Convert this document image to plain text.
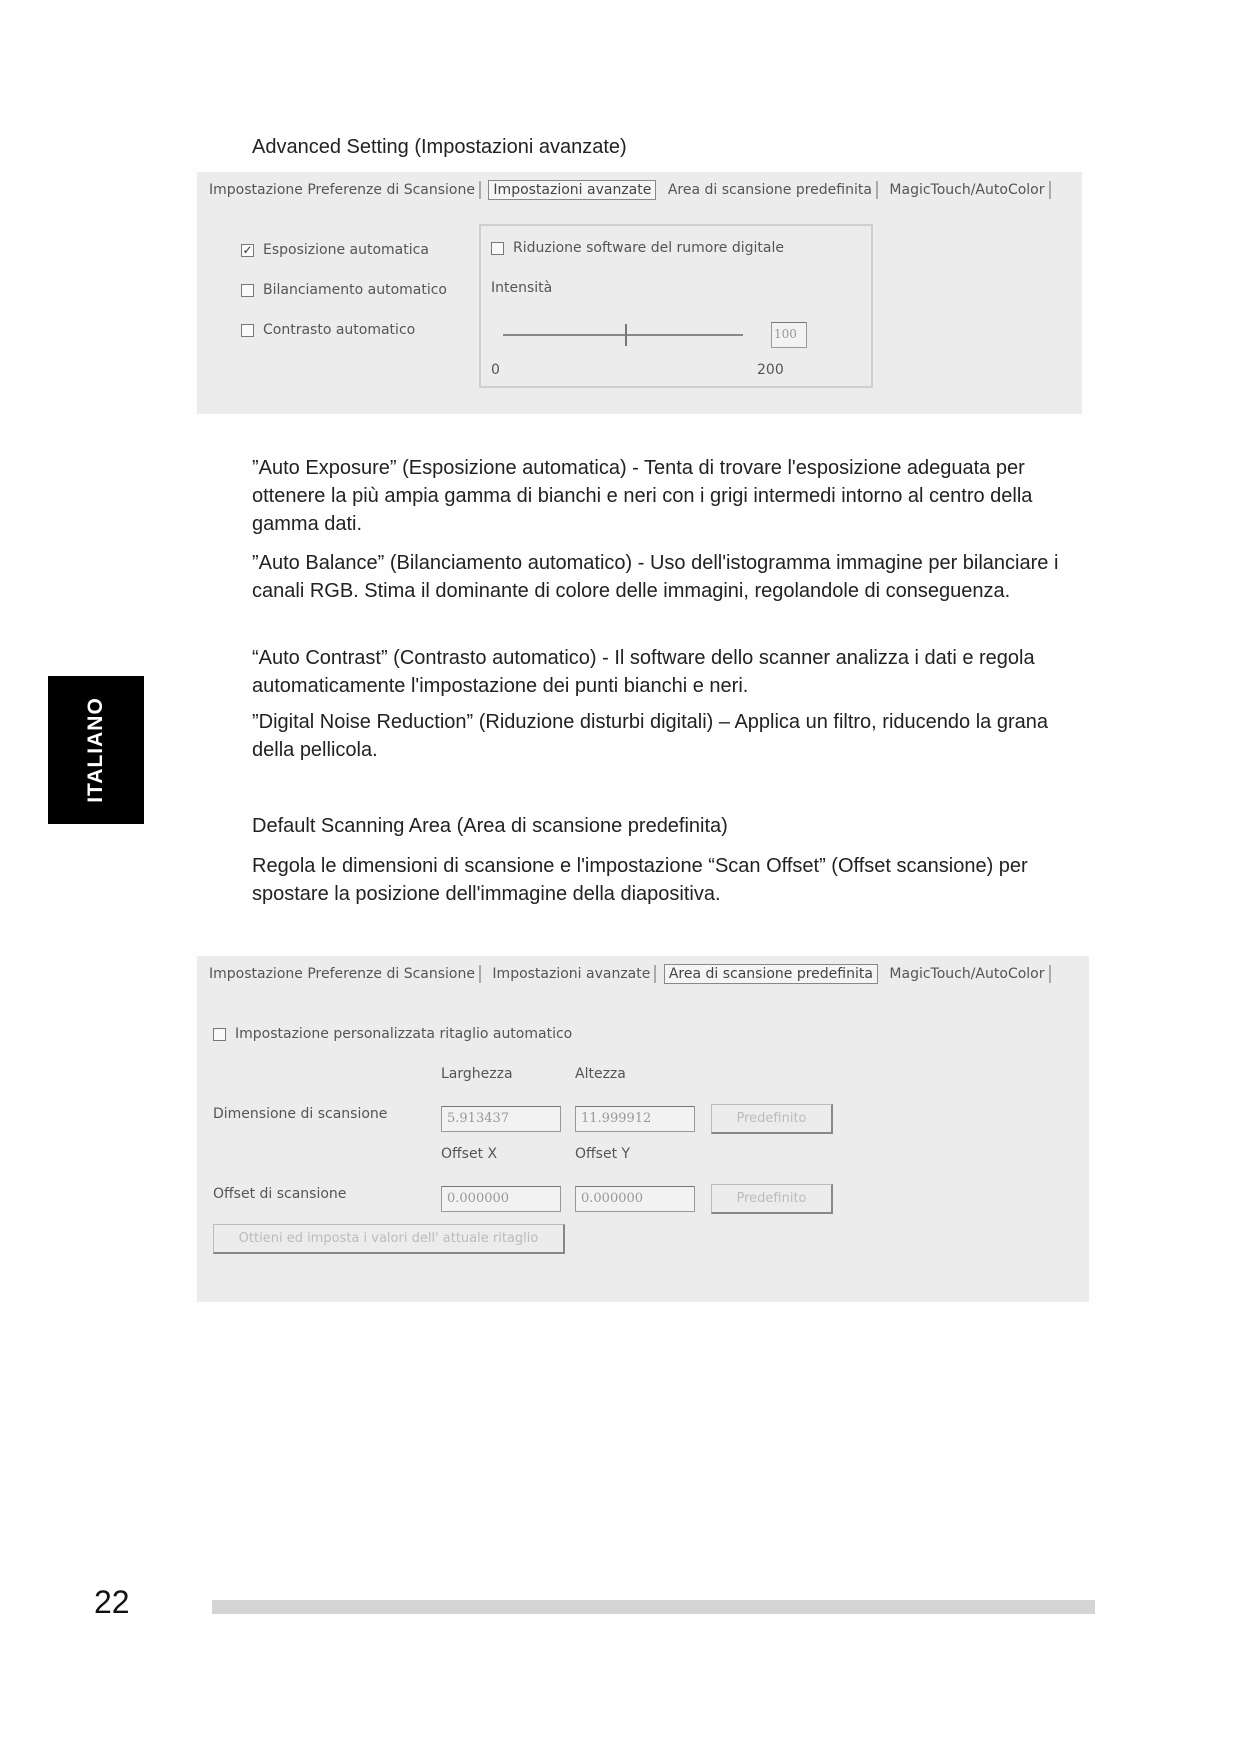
Advanced Setting (Impostazioni avanzate)
Impostazione Preferenze di Scansione Impostazioni avanzate Area di scansione predefinita MagicTouch/AutoColor
✓ Esposizione automatica
Bilanciamento automatico
Contrasto automatico
Riduzione software del rumore digitale
Intensità
100
0	200
”Auto Exposure” (Esposizione automatica) - Tenta di trovare l'esposizione adeguata per ottenere la più ampia gamma di bianchi e neri con i grigi intermedi intorno al centro della gamma dati.
”Auto Balance” (Bilanciamento automatico) - Uso dell'istogramma immagine per bilanciare i canali RGB. Stima il dominante di colore delle immagini, regolandole di conseguenza.
“Auto Contrast” (Contrasto automatico) - Il software dello scanner analizza i dati e regola automaticamente l'impostazione dei punti bianchi e neri.
”Digital Noise Reduction” (Riduzione disturbi digitali) – Applica un filtro, riducendo la grana della pellicola.
Default Scanning Area (Area di scansione predefinita)
Regola le dimensioni di scansione e l'impostazione “Scan Offset” (Offset scansione) per spostare la posizione dell'immagine della diapositiva.
Impostazione Preferenze di Scansione Impostazioni avanzate Area di scansione predefinita MagicTouch/AutoColor
Impostazione personalizzata ritaglio automatico
Larghezza	Altezza
Dimensione di scansione	5.913437	11.999912	Predefinito
Offset X	Offset Y
Offset di scansione	0.000000	0.000000	Predefinito
Ottieni ed imposta i valori dell' attuale ritaglio
ITALIANO
22
